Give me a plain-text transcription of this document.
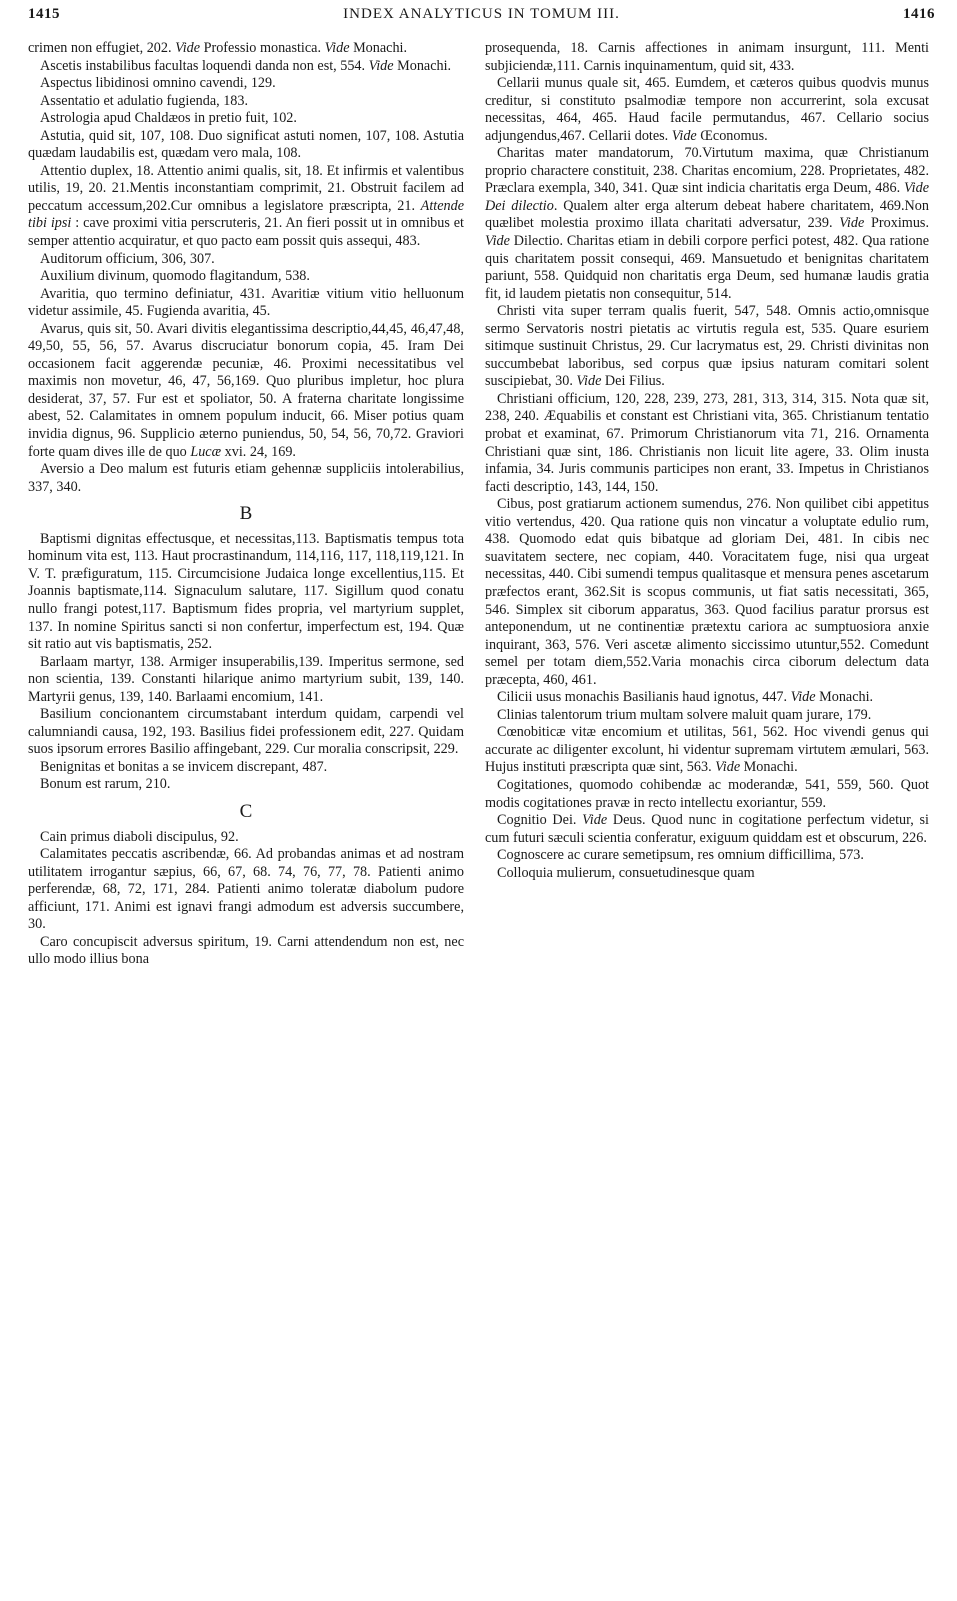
1415	INDEX ANALYTICUS IN TOMUM III.	1416

crimen non effugiet, 202. Vide Professio monastica. Vide Monachi.

Ascetis instabilibus facultas loquendi danda non est, 554. Vide Monachi.

Aspectus libidinosi omnino cavendi, 129.

Assentatio et adulatio fugienda, 183.

Astrologia apud Chaldæos in pretio fuit, 102.

Astutia, quid sit, 107, 108. Duo significat astuti nomen, 107, 108. Astutia quædam laudabilis est, quædam vero mala, 108.

Attentio duplex, 18. Attentio animi qualis, sit, 18. Et infirmis et valentibus utilis, 19, 20. 21.Mentis inconstantiam comprimit, 21. Obstruit facilem ad peccatum accessum,202.Cur omnibus a legislatore præscripta, 21. Attende tibi ipsi : cave proximi vitia perscruteris, 21. An fieri possit ut in omnibus et semper attentio acquiratur, et quo pacto eam possit quis assequi, 483.

Auditorum officium, 306, 307.

Auxilium divinum, quomodo flagitandum, 538.

Avaritia, quo termino definiatur, 431. Avaritiæ vitium vitio helluonum videtur assimile, 45. Fugienda avaritia, 45.

Avarus, quis sit, 50. Avari divitis elegantissima descriptio,44,45, 46,47,48, 49,50, 55, 56, 57. Avarus discruciatur bonorum copia, 45. Iram Dei occasionem facit aggerendæ pecuniæ, 46. Proximi necessitatibus vel maximis non movetur, 46, 47, 56,169. Quo pluribus impletur, hoc plura desiderat, 37, 57. Fur est et spoliator, 50. A fraterna charitate longissime abest, 52. Calamitates in omnem populum inducit, 66. Miser potius quam invidia dignus, 96. Supplicio æterno puniendus, 50, 54, 56, 70,72. Graviori forte quam dives ille de quo Lucæ xvi. 24, 169.

Aversio a Deo malum est futuris etiam gehennæ suppliciis intolerabilius, 337, 340.

B

Baptismi dignitas effectusque, et necessitas,113. Baptismatis tempus tota hominum vita est, 113. Haut procrastinandum, 114,116, 117, 118,119,121. In V. T. præfiguratum, 115. Circumcisione Judaica longe excellentius,115. Et Joannis baptismate,114. Signaculum salutare, 117. Sigillum quod conatu nullo frangi potest,117. Baptismum fides propria, vel martyrium supplet, 137. In nomine Spiritus sancti si non confertur, imperfectum est, 194. Quæ sit ratio aut vis baptismatis, 252.

Barlaam martyr, 138. Armiger insuperabilis,139. Imperitus sermone, sed non scientia, 139. Constanti hilarique animo martyrium subit, 139, 140. Martyrii genus, 139, 140. Barlaami encomium, 141.

Basilium concionantem circumstabant interdum quidam, carpendi vel calumniandi causa, 192, 193. Basilius fidei professionem edit, 227. Quidam suos ipsorum errores Basilio affingebant, 229. Cur moralia conscripsit, 229.

Benignitas et bonitas a se invicem discrepant, 487.

Bonum est rarum, 210.

C

Cain primus diaboli discipulus, 92.

Calamitates peccatis ascribendæ, 66. Ad probandas animas et ad nostram utilitatem irrogantur sæpius, 66, 67, 68. 74, 76, 77, 78. Patienti animo perferendæ, 68, 72, 171, 284. Patienti animo toleratæ diabolum pudore afficiunt, 171. Animi est ignavi frangi admodum est adversis succumbere, 30.

Caro concupiscit adversus spiritum, 19. Carni attendendum non est, nec ullo modo illius bona

prosequenda, 18. Carnis affectiones in animam insurgunt, 111. Menti subjiciendæ,111. Carnis inquinamentum, quid sit, 433.

Cellarii munus quale sit, 465. Eumdem, et cæteros quibus quodvis munus creditur, si constituto psalmodiæ tempore non accurrerint, sola excusat necessitas, 464, 465. Haud facile permutandus, 467. Cellario socius adjungendus,467. Cellarii dotes. Vide Œconomus.

Charitas mater mandatorum, 70.Virtutum maxima, quæ Christianum proprio charactere constituit, 238. Charitas encomium, 228. Proprietates, 482. Præclara exempla, 340, 341. Quæ sint indicia charitatis erga Deum, 486. Vide Dei dilectio. Qualem alter erga alterum debeat habere charitatem, 469.Non quælibet molestia proximo illata charitati adversatur, 239. Vide Proximus. Vide Dilectio. Charitas etiam in debili corpore perfici potest, 482. Qua ratione quis charitatem possit consequi, 469. Mansuetudo et benignitas charitatem pariunt, 558. Quidquid non charitatis erga Deum, sed humanæ laudis gratia fit, id laudem pietatis non consequitur, 514.

Christi vita super terram qualis fuerit, 547, 548. Omnis actio,omnisque sermo Servatoris nostri pietatis ac virtutis regula est, 535. Quare esuriem sitimque sustinuit Christus, 29. Cur lacrymatus est, 29. Christi divinitas non succumbebat laboribus, sed corpus quæ ipsius naturam comitari solent suscipiebat, 30. Vide Dei Filius.

Christiani officium, 120, 228, 239, 273, 281, 313, 314, 315. Nota quæ sit, 238, 240. Æquabilis et constant est Christiani vita, 365. Christianum tentatio probat et examinat, 67. Primorum Christianorum vita 71, 216. Ornamenta Christiani quæ sint, 186. Christianis non licuit lite agere, 33. Olim inusta infamia, 34. Juris communis participes non erant, 33. Impetus in Christianos facti descriptio, 143, 144, 150.

Cibus, post gratiarum actionem sumendus, 276. Non quilibet cibi appetitus vitio vertendus, 420. Qua ratione quis non vincatur a voluptate edulio rum, 438. Quomodo edat quis bibatque ad gloriam Dei, 481. In cibis nec suavitatem sectere, nec copiam, 440. Voracitatem fuge, nisi qua urgeat necessitas, 440. Cibi sumendi tempus qualitasque et mensura penes ascetarum præfectos erant, 362.Sit is scopus communis, ut fiat satis necessitati, 365, 546. Simplex sit ciborum apparatus, 363. Quod facilius paratur prorsus est anteponendum, ut ne continentiæ prætextu cariora ac sumptuosiora anxie inquirant, 363, 576. Veri ascetæ alimento siccissimo utuntur,552. Comedunt semel per totam diem,552.Varia monachis circa ciborum delectum data præcepta, 460, 461.

Cilicii usus monachis Basilianis haud ignotus, 447. Vide Monachi.

Clinias talentorum trium multam solvere maluit quam jurare, 179.

Cœnobiticæ vitæ encomium et utilitas, 561, 562. Hoc vivendi genus qui accurate ac diligenter excolunt, hi videntur supremam virtutem æmulari, 563. Hujus instituti præscripta quæ sint, 563. Vide Monachi.

Cogitationes, quomodo cohibendæ ac moderandæ, 541, 559, 560. Quot modis cogitationes pravæ in recto intellectu exoriantur, 559.

Cognitio Dei. Vide Deus. Quod nunc in cogitatione perfectum videtur, si cum futuri sæculi scientia conferatur, exiguum quiddam est et obscurum, 226.

Cognoscere ac curare semetipsum, res omnium difficillima, 573.

Colloquia mulierum, consuetudinesque quam
